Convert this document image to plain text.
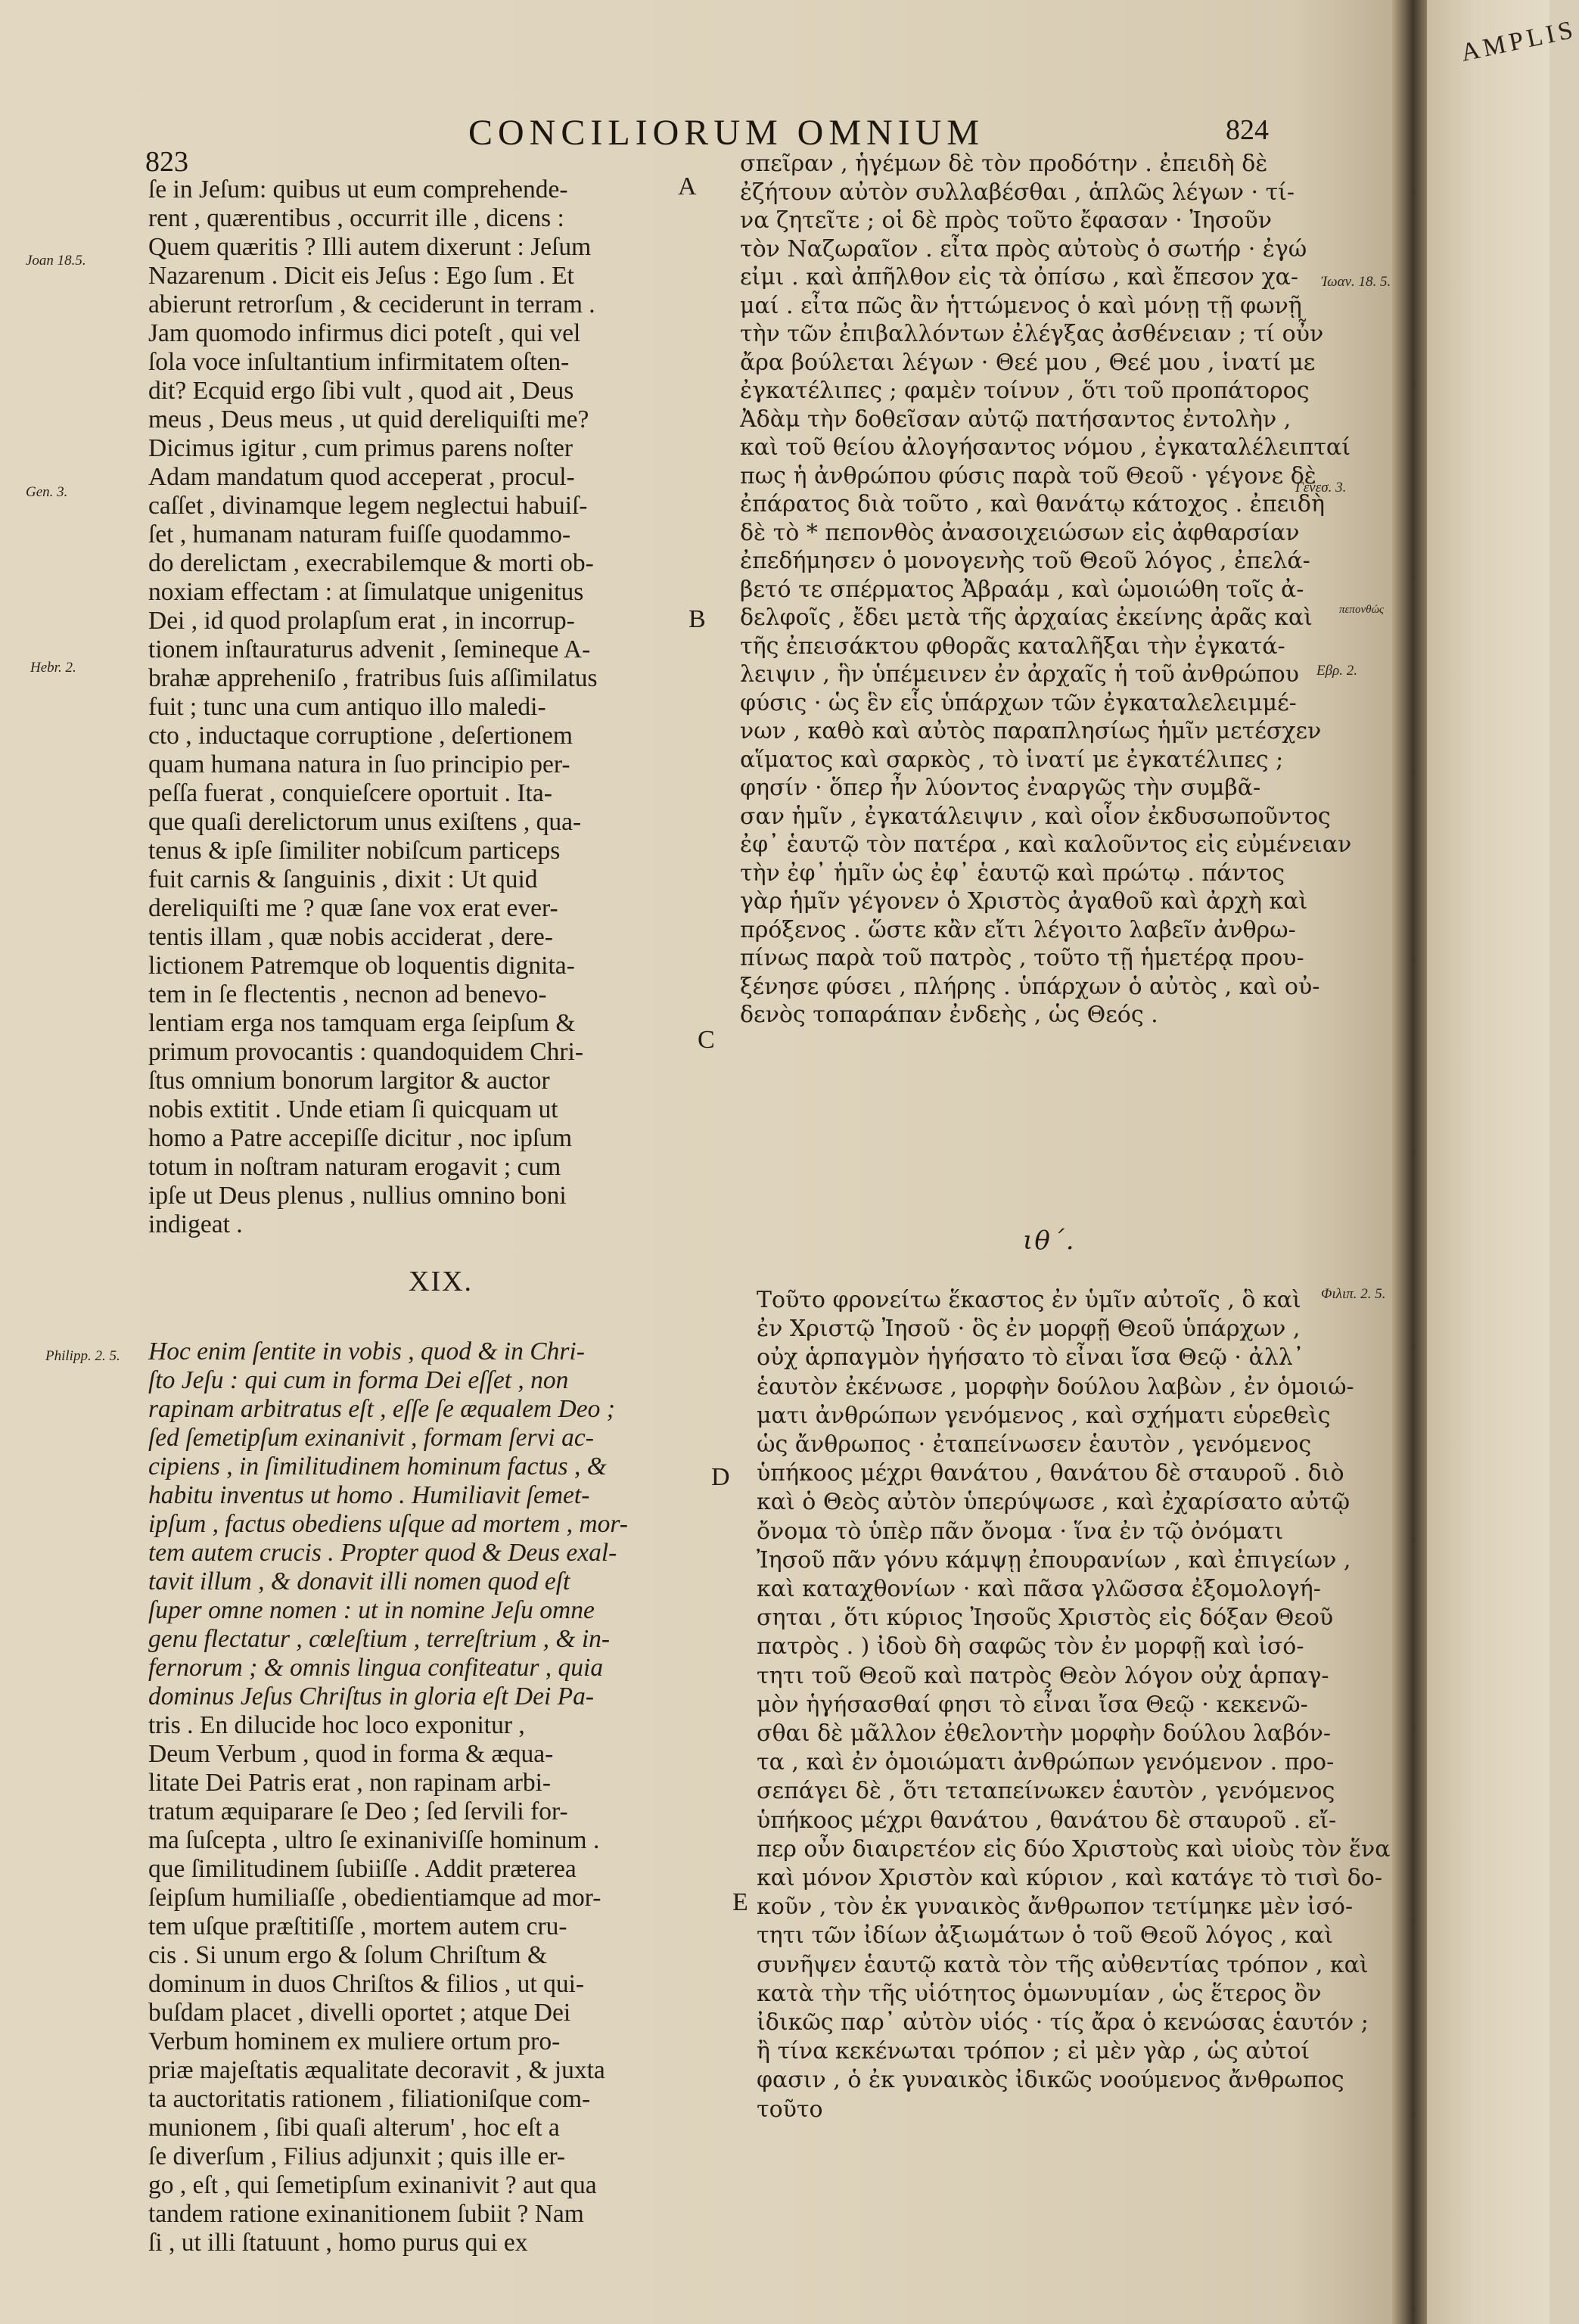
CONCILIORUM OMNIUM
823
824
ſe in Jeſum: quibus ut eum comprehende-
rent , quærentibus , occurrit ille , dicens :
Quem quæritis ? Illi autem dixerunt : Jeſum
Nazarenum . Dicit eis Jeſus : Ego ſum . Et
abierunt retrorſum , & ceciderunt in terram .
Jam quomodo infirmus dici poteſt , qui vel
ſola voce inſultantium infirmitatem oſten-
dit? Ecquid ergo ſibi vult , quod ait , Deus
meus , Deus meus , ut quid dereliquiſti me?
Dicimus igitur , cum primus parens noſter
Adam mandatum quod acceperat , procul-
caſſet , divinamque legem neglectui habuiſ-
ſet , humanam naturam fuiſſe quodammo-
do derelictam , execrabilemque & morti ob-
noxiam effectam : at ſimulatque unigenitus
Dei , id quod prolapſum erat , in incorrup-
tionem inſtauraturus advenit , ſemineque A-
brahæ appreheniſo , fratribus ſuis aſſimilatus
fuit ; tunc una cum antiquo illo maledi-
cto , inductaque corruptione , deſertionem
quam humana natura in ſuo principio per-
peſſa fuerat , conquieſcere oportuit . Ita-
que quaſi derelictorum unus exiſtens , qua-
tenus & ipſe ſimiliter nobiſcum particeps
fuit carnis & ſanguinis , dixit : Ut quid
dereliquiſti me ? quæ ſane vox erat ever-
tentis illam , quæ nobis acciderat , dere-
lictionem Patremque ob loquentis dignita-
tem in ſe flectentis , necnon ad benevo-
lentiam erga nos tamquam erga ſeipſum &
primum provocantis : quandoquidem Chri-
ſtus omnium bonorum largitor & auctor
nobis extitit . Unde etiam ſi quicquam ut
homo a Patre accepiſſe dicitur , noc ipſum
totum in noſtram naturam erogavit ; cum
ipſe ut Deus plenus , nullius omnino boni
indigeat .
σπεῖραν , ἡγέμων δὲ τὸν προδότην . ἐπειδὴ δὲ
ἐζήτουν αὐτὸν συλλαβέσθαι , ἁπλῶς λέγων · τί-
να ζητεῖτε ; οἱ δὲ πρὸς τοῦτο ἔφασαν · Ἰησοῦν
τὸν Ναζωραῖον . εἶτα πρὸς αὐτοὺς ὁ σωτήρ · ἐγώ
εἰμι . καὶ ἀπῆλθον εἰς τὰ ὀπίσω , καὶ ἔπεσον χα-
μαί . εἶτα πῶς ἂν ἡττώμενος ὁ καὶ μόνῃ τῇ φωνῇ
τὴν τῶν ἐπιβαλλόντων ἐλέγξας ἀσθένειαν ; τί οὖν
ἄρα βούλεται λέγων · Θεέ μου , Θεέ μου , ἱνατί με
ἐγκατέλιπες ; φαμὲν τοίνυν , ὅτι τοῦ προπάτορος
Ἀδὰμ τὴν δοθεῖσαν αὐτῷ πατήσαντος ἐντολὴν ,
καὶ τοῦ θείου ἀλογήσαντος νόμου , ἐγκαταλέλειπταί
πως ἡ ἀνθρώπου φύσις παρὰ τοῦ Θεοῦ · γέγονε δὲ
ἐπάρατος διὰ τοῦτο , καὶ θανάτῳ κάτοχος . ἐπειδὴ
δὲ τὸ * πεπονθὸς ἀνασοιχειώσων εἰς ἀφθαρσίαν
ἐπεδήμησεν ὁ μονογενὴς τοῦ Θεοῦ λόγος , ἐπελά-
βετό τε σπέρματος Ἀβραάμ , καὶ ὡμοιώθη τοῖς ἀ-
δελφοῖς , ἔδει μετὰ τῆς ἀρχαίας ἐκείνης ἀρᾶς καὶ
τῆς ἐπεισάκτου φθορᾶς καταλῆξαι τὴν ἐγκατά-
λειψιν , ἣν ὑπέμεινεν ἐν ἀρχαῖς ἡ τοῦ ἀνθρώπου
φύσις · ὡς ἓν εἷς ὑπάρχων τῶν ἐγκαταλελειμμέ-
νων , καθὸ καὶ αὐτὸς παραπλησίως ἡμῖν μετέσχεν
αἵματος καὶ σαρκὸς , τὸ ἱνατί με ἐγκατέλιπες ;
φησίν · ὅπερ ἦν λύοντος ἐναργῶς τὴν συμβᾶ-
σαν ἡμῖν , ἐγκατάλειψιν , καὶ οἷον ἐκδυσωποῦντος
ἐφ᾽ ἑαυτῷ τὸν πατέρα , καὶ καλοῦντος εἰς εὐμένειαν
τὴν ἐφ᾽ ἡμῖν ὡς ἐφ᾽ ἑαυτῷ καὶ πρώτῳ . πάντος
γὰρ ἡμῖν γέγονεν ὁ Χριστὸς ἀγαθοῦ καὶ ἀρχὴ καὶ
πρόξενος . ὥστε κἂν εἴτι λέγοιτο λαβεῖν ἀνθρω-
πίνως παρὰ τοῦ πατρὸς , τοῦτο τῇ ἡμετέρᾳ πρου-
ξένησε φύσει , πλήρης . ὑπάρχων ὁ αὐτὸς , καὶ οὐ-
δενὸς τοπαράπαν ἐνδεὴς , ὡς Θεός .
XIX.
ιθ΄.
Hoc enim ſentite in vobis , quod & in Chri-
ſto Jeſu : qui cum in forma Dei eſſet , non
rapinam arbitratus eſt , eſſe ſe æqualem Deo ;
ſed ſemetipſum exinanivit , formam ſervi ac-
cipiens , in ſimilitudinem hominum factus , &
habitu inventus ut homo . Humiliavit ſemet-
ipſum , factus obediens uſque ad mortem , mor-
tem autem crucis . Propter quod & Deus exal-
tavit illum , & donavit illi nomen quod eſt
ſuper omne nomen : ut in nomine Jeſu omne
genu flectatur , cœleſtium , terreſtrium , & in-
fernorum ; & omnis lingua confiteatur , quia
dominus Jeſus Chriſtus in gloria eſt Dei Pa-
tris . En dilucide hoc loco exponitur ,
Deum Verbum , quod in forma & æqua-
litate Dei Patris erat , non rapinam arbi-
tratum æquiparare ſe Deo ; ſed ſervili for-
ma ſuſcepta , ultro ſe exinaniviſſe hominum .
que ſimilitudinem ſubiiſſe . Addit præterea
ſeipſum humiliaſſe , obedientiamque ad mor-
tem uſque præſtitiſſe , mortem autem cru-
cis . Si unum ergo & ſolum Chriſtum &
dominum in duos Chriſtos & filios , ut qui-
buſdam placet , divelli oportet ; atque Dei
Verbum hominem ex muliere ortum pro-
priæ majeſtatis æqualitate decoravit , & juxta
ta auctoritatis rationem , filiationiſque com-
munionem , ſibi quaſi alterum' , hoc eſt a
ſe diverſum , Filius adjunxit ; quis ille er-
go , eſt , qui ſemetipſum exinanivit ? aut qua
tandem ratione exinanitionem ſubiit ? Nam
ſi , ut illi ſtatuunt , homo purus qui ex
Τοῦτο φρονείτω ἕκαστος ἐν ὑμῖν αὐτοῖς , ὃ καὶ
ἐν Χριστῷ Ἰησοῦ · ὃς ἐν μορφῇ Θεοῦ ὑπάρχων ,
οὐχ ἁρπαγμὸν ἡγήσατο τὸ εἶναι ἴσα Θεῷ · ἀλλ᾽
ἑαυτὸν ἐκένωσε , μορφὴν δούλου λαβὼν , ἐν ὁμοιώ-
ματι ἀνθρώπων γενόμενος , καὶ σχήματι εὑρεθεὶς
ὡς ἄνθρωπος · ἐταπείνωσεν ἑαυτὸν , γενόμενος
ὑπήκοος μέχρι θανάτου , θανάτου δὲ σταυροῦ . διὸ
καὶ ὁ Θεὸς αὐτὸν ὑπερύψωσε , καὶ ἐχαρίσατο αὐτῷ
ὄνομα τὸ ὑπὲρ πᾶν ὄνομα · ἵνα ἐν τῷ ὀνόματι
Ἰησοῦ πᾶν γόνυ κάμψῃ ἐπουρανίων , καὶ ἐπιγείων ,
καὶ καταχθονίων · καὶ πᾶσα γλῶσσα ἐξομολογή-
σηται , ὅτι κύριος Ἰησοῦς Χριστὸς εἰς δόξαν Θεοῦ
πατρὸς . ) ἰδοὺ δὴ σαφῶς τὸν ἐν μορφῇ καὶ ἰσό-
τητι τοῦ Θεοῦ καὶ πατρὸς Θεὸν λόγον οὐχ ἁρπαγ-
μὸν ἡγήσασθαί φησι τὸ εἶναι ἴσα Θεῷ · κεκενῶ-
σθαι δὲ μᾶλλον ἐθελοντὴν μορφὴν δούλου λαβόν-
τα , καὶ ἐν ὁμοιώματι ἀνθρώπων γενόμενον . προ-
σεπάγει δὲ , ὅτι τεταπείνωκεν ἑαυτὸν , γενόμενος
ὑπήκοος μέχρι θανάτου , θανάτου δὲ σταυροῦ . εἴ-
περ οὖν διαιρετέον εἰς δύο Χριστοὺς καὶ υἱοὺς τὸν ἕνα
καὶ μόνον Χριστὸν καὶ κύριον , καὶ κατάγε τὸ τισὶ δο-
κοῦν , τὸν ἐκ γυναικὸς ἄνθρωπον τετίμηκε μὲν ἰσό-
τητι τῶν ἰδίων ἀξιωμάτων ὁ τοῦ Θεοῦ λόγος , καὶ
συνῆψεν ἑαυτῷ κατὰ τὸν τῆς αὐθεντίας τρόπον , καὶ
κατὰ τὴν τῆς υἱότητος ὁμωνυμίαν , ὡς ἕτερος ὂν
ἰδικῶς παρ᾽ αὐτὸν υἱός · τίς ἄρα ὁ κενώσας ἑαυτόν ;
ἢ τίνα κεκένωται τρόπον ; εἰ μὲν γὰρ , ὡς αὐτοί
φασιν , ὁ ἐκ γυναικὸς ἰδικῶς νοούμενος ἄνθρωπος
τοῦτο
Joan 18.5.
Gen. 3.
Hebr. 2.
Philipp. 2. 5.
Ἰωαν. 18. 5.
Γενεσ. 3.
πεπονθώς
Εβρ. 2.
Φιλιπ. 2. 5.
A
B
C
D
E
AMPLIS
